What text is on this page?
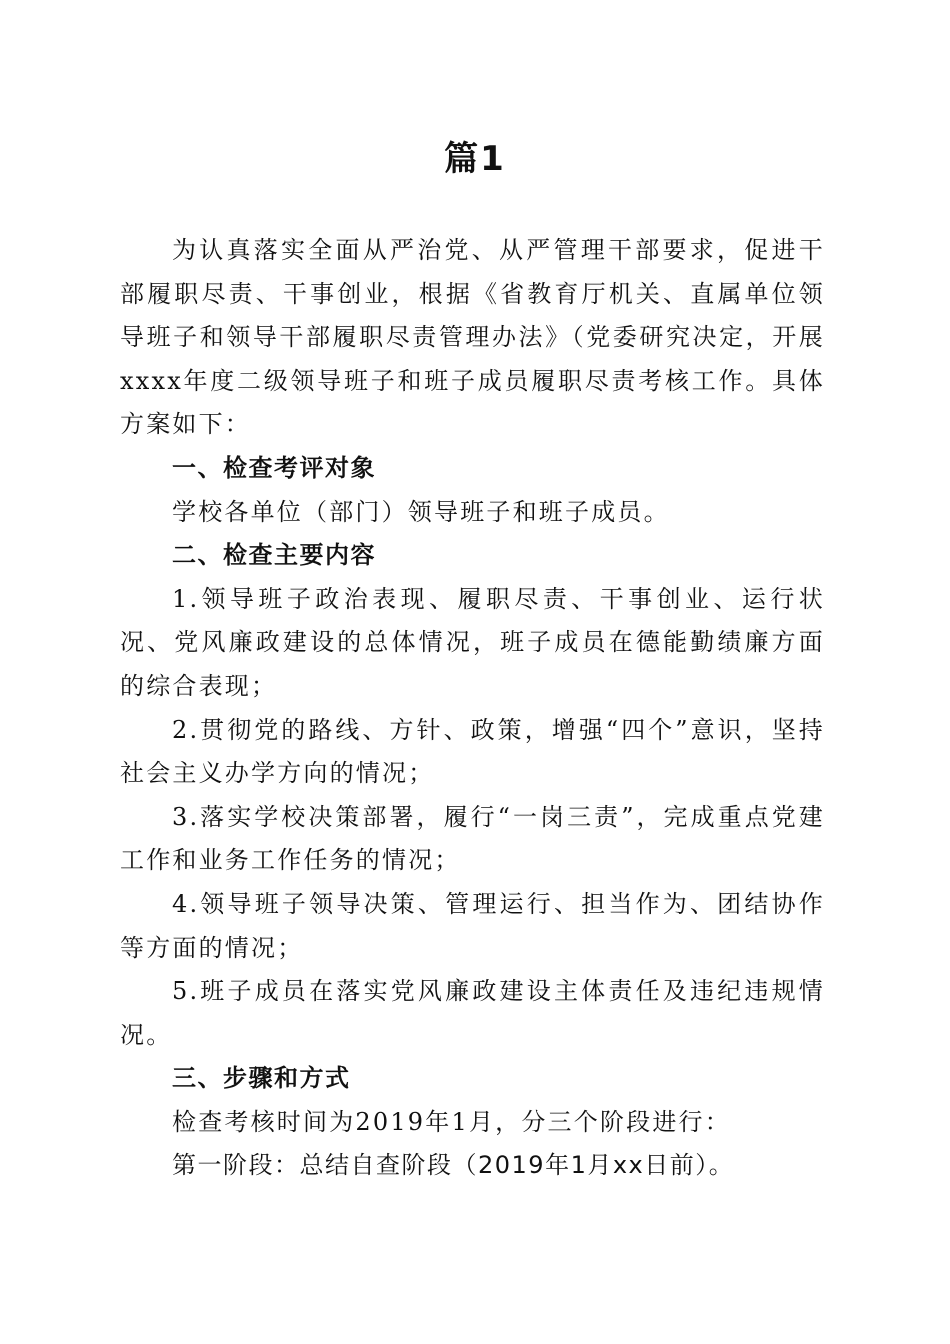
篇1

为认真落实全面从严治党、从严管理干部要求，促进干部履职尽责、干事创业，根据《省教育厅机关、直属单位领导班子和领导干部履职尽责管理办法》（党委研究决定，开展xxxx年度二级领导班子和班子成员履职尽责考核工作。具体方案如下：

一、检查考评对象

学校各单位（部门）领导班子和班子成员。

二、检查主要内容

1.领导班子政治表现、履职尽责、干事创业、运行状况、党风廉政建设的总体情况，班子成员在德能勤绩廉方面的综合表现；

2.贯彻党的路线、方针、政策，增强“四个”意识，坚持社会主义办学方向的情况；

3.落实学校决策部署，履行“一岗三责”，完成重点党建工作和业务工作任务的情况；

4.领导班子领导决策、管理运行、担当作为、团结协作等方面的情况；

5.班子成员在落实党风廉政建设主体责任及违纪违规情况。

三、步骤和方式

检查考核时间为2019年1月，分三个阶段进行：

第一阶段：总结自查阶段（2019年1月xx日前）。
